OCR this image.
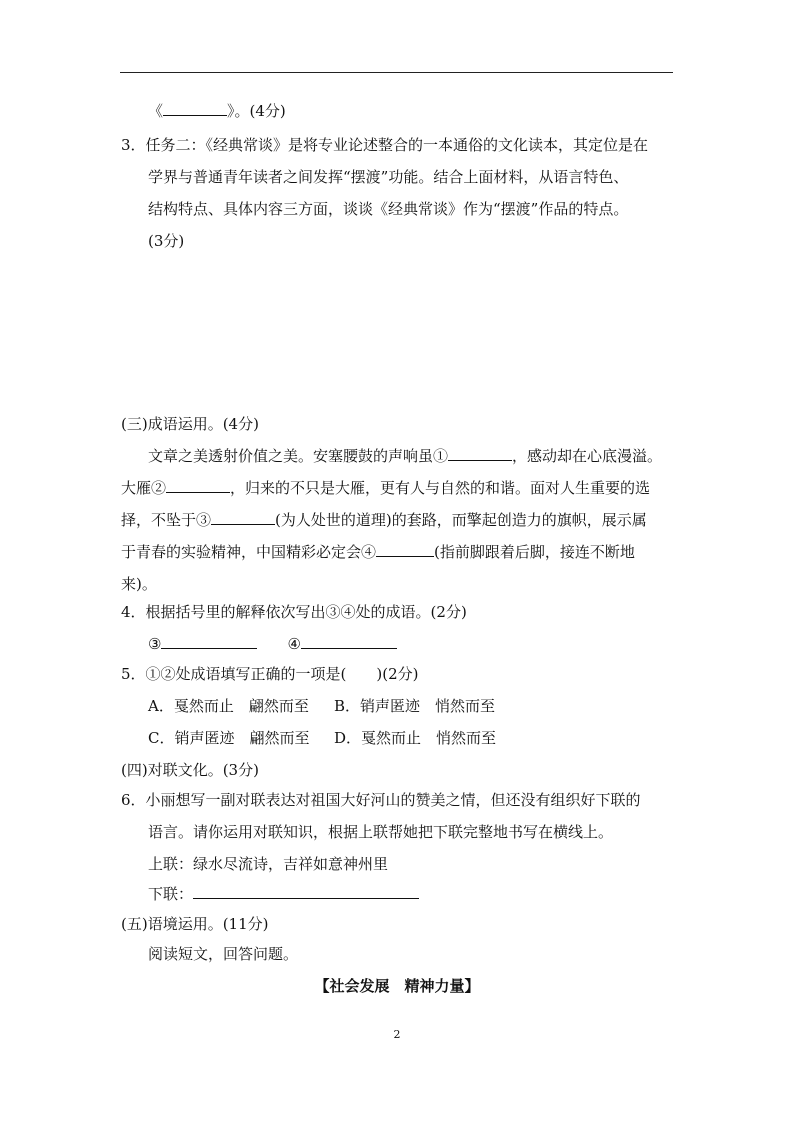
《	》。(4分)
3．任务二：《经典常谈》是将专业论述整合的一本通俗的文化读本，其定位是在
学界与普通青年读者之间发挥“摆渡”功能。结合上面材料，从语言特色、
结构特点、具体内容三方面，谈谈《经典常谈》作为“摆渡”作品的特点。
(3分)
(三)成语运用。(4分)
文章之美透射价值之美。安塞腰鼓的声响虽①	，感动却在心底漫溢。
大雁②	，归来的不只是大雁，更有人与自然的和谐。面对人生重要的选
择，不坠于③	(为人处世的道理)的套路，而擎起创造力的旗帜，展示属
于青春的实验精神，中国精彩必定会④	(指前脚跟着后脚，接连不断地
来)。
4．根据括号里的解释依次写出③④处的成语。(2分)
③	④
5．①②处成语填写正确的一项是(　　)(2分)
A．戛然而止　翩然而至 B．销声匿迹　悄然而至
C．销声匿迹　翩然而至 D．戛然而止　悄然而至
(四)对联文化。(3分)
6．小丽想写一副对联表达对祖国大好河山的赞美之情，但还没有组织好下联的
语言。请你运用对联知识，根据上联帮她把下联完整地书写在横线上。
上联：绿水尽流诗，吉祥如意神州里
下联：
(五)语境运用。(11分)
阅读短文，回答问题。
【社会发展　精神力量】
2
